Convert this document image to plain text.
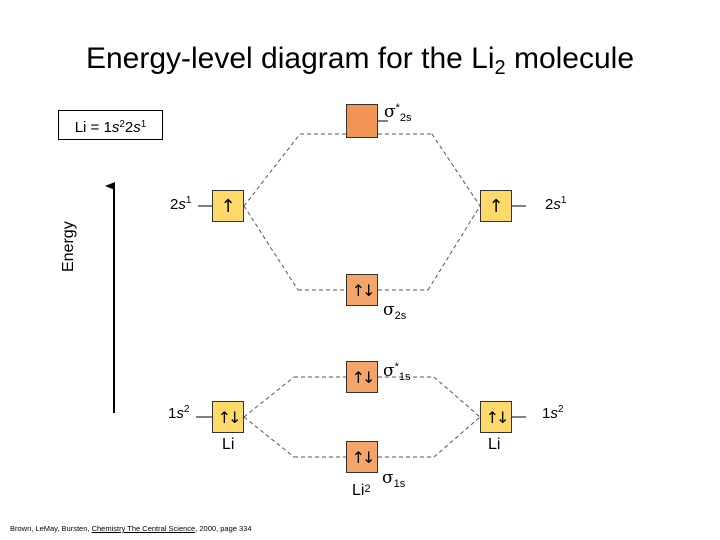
Energy-level diagram for the $Li_2$ molecule
$Li = 1s^22s^1$
Energy
↑	↑
↑↓	↑↓
↑↓
↑↓
↑↓
$2s^1$	$2s^1$
$1s^2$	$1s^2$
$\sigma^*_{2s}$
$\sigma_{2s}$
$\sigma^*_{1s}$
$\sigma_{1s}$
Li	Li
Li$^2$
Brown, LeMay, Bursten, Chemistry The Central Science, 2000, page 334
